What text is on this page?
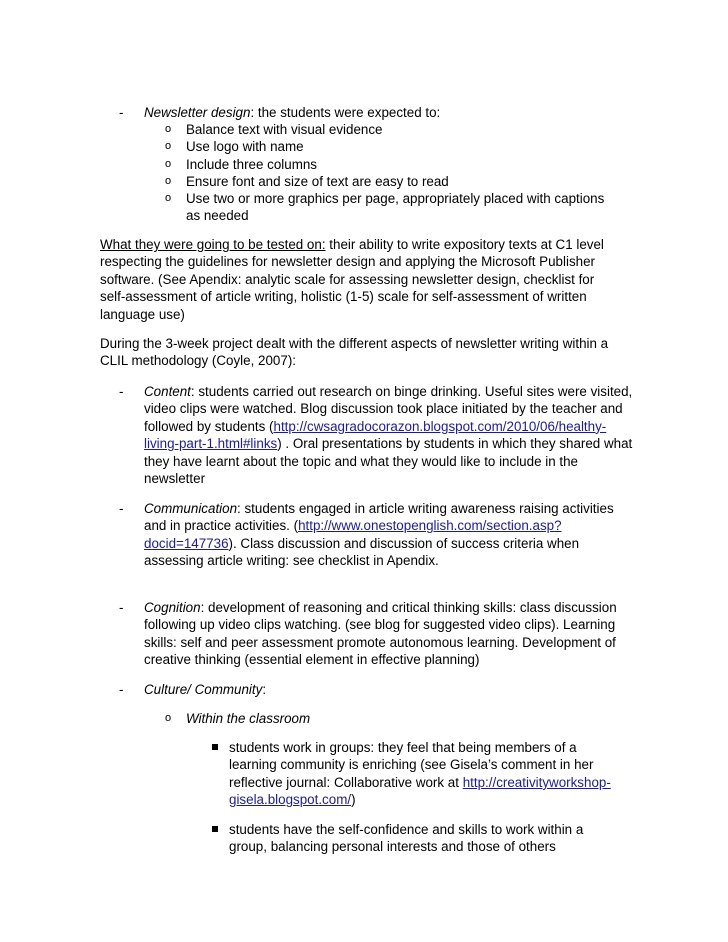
- Newsletter design: the students were expected to:
o Balance text with visual evidence
o Use logo with name
o Include three columns
o Ensure font and size of text are easy to read
o Use two or more graphics per page, appropriately placed with captions as needed
What they were going to be tested on: their ability to write expository texts at C1 level respecting the guidelines for newsletter design and applying the Microsoft Publisher software. (See Apendix: analytic scale for assessing newsletter design, checklist for self-assessment of article writing, holistic (1-5) scale for self-assessment of written language use)
During the 3-week project dealt with the different aspects of newsletter writing within a CLIL methodology (Coyle, 2007):
- Content: students carried out research on binge drinking. Useful sites were visited, video clips were watched. Blog discussion took place initiated by the teacher and followed by students (http://cwsagradocorazon.blogspot.com/2010/06/healthy-living-part-1.html#links) . Oral presentations by students in which they shared what they have learnt about the topic and what they would like to include in the newsletter
- Communication: students engaged in article writing awareness raising activities and in practice activities. (http://www.onestopenglish.com/section.asp?docid=147736). Class discussion and discussion of success criteria when assessing article writing: see checklist in Apendix.
- Cognition: development of reasoning and critical thinking skills: class discussion following up video clips watching. (see blog for suggested video clips). Learning skills: self and peer assessment promote autonomous learning. Development of creative thinking (essential element in effective planning)
- Culture/ Community:
o Within the classroom
students work in groups: they feel that being members of a learning community is enriching (see Gisela’s comment in her reflective journal: Collaborative work at http://creativityworkshop-gisela.blogspot.com/)
students have the self-confidence and skills to work within a group, balancing personal interests and those of others
